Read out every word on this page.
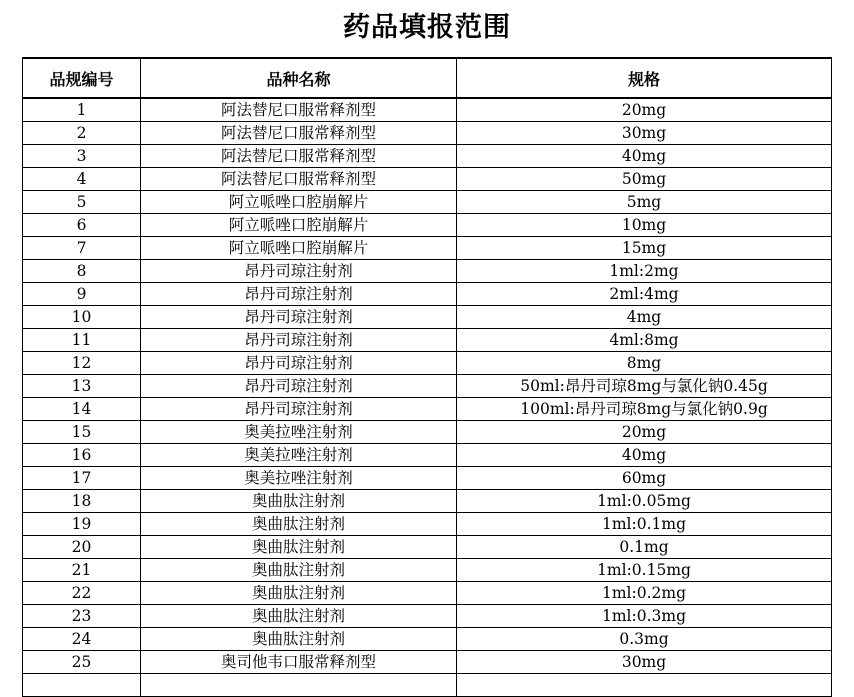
药品填报范围
品规编号	品种名称	规格
1	阿法替尼口服常释剂型	20mg
2	阿法替尼口服常释剂型	30mg
3	阿法替尼口服常释剂型	40mg
4	阿法替尼口服常释剂型	50mg
5	阿立哌唑口腔崩解片	5mg
6	阿立哌唑口腔崩解片	10mg
7	阿立哌唑口腔崩解片	15mg
8	昂丹司琼注射剂	1ml:2mg
9	昂丹司琼注射剂	2ml:4mg
10	昂丹司琼注射剂	4mg
11	昂丹司琼注射剂	4ml:8mg
12	昂丹司琼注射剂	8mg
13	昂丹司琼注射剂	50ml:昂丹司琼8mg与氯化钠0.45g
14	昂丹司琼注射剂	100ml:昂丹司琼8mg与氯化钠0.9g
15	奥美拉唑注射剂	20mg
16	奥美拉唑注射剂	40mg
17	奥美拉唑注射剂	60mg
18	奥曲肽注射剂	1ml:0.05mg
19	奥曲肽注射剂	1ml:0.1mg
20	奥曲肽注射剂	0.1mg
21	奥曲肽注射剂	1ml:0.15mg
22	奥曲肽注射剂	1ml:0.2mg
23	奥曲肽注射剂	1ml:0.3mg
24	奥曲肽注射剂	0.3mg
25	奥司他韦口服常释剂型	30mg
